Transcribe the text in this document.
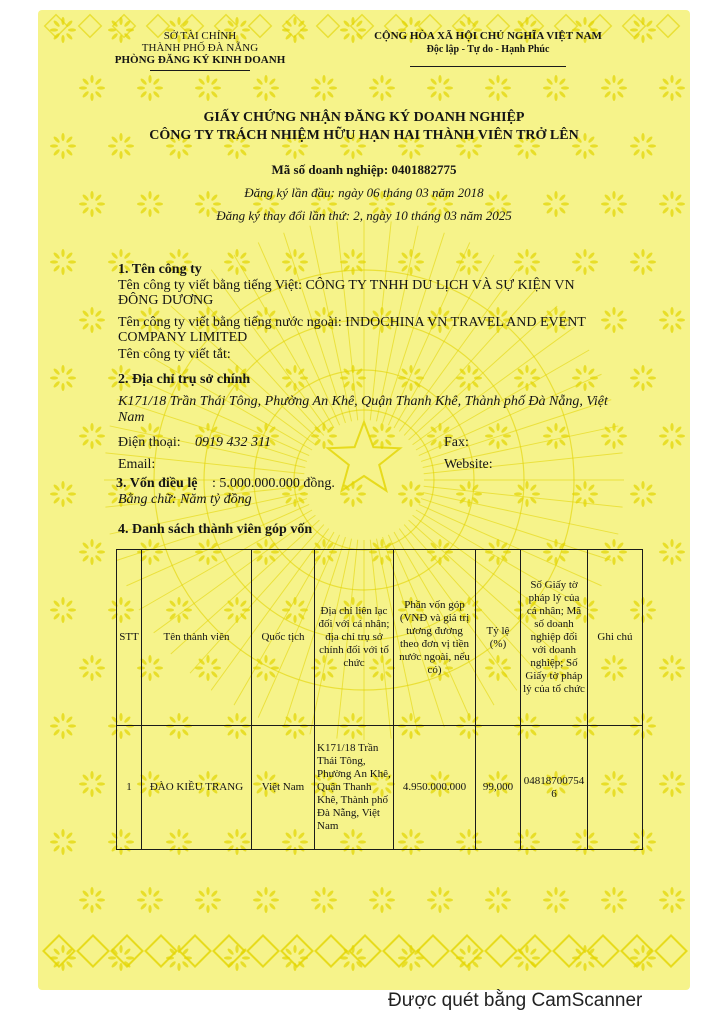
SỞ TÀI CHÍNH
THÀNH PHỐ ĐÀ NẴNG
PHÒNG ĐĂNG KÝ KINH DOANH
CỘNG HÒA XÃ HỘI CHỦ NGHĨA VIỆT NAM
Độc lập - Tự do - Hạnh Phúc
GIẤY CHỨNG NHẬN ĐĂNG KÝ DOANH NGHIỆP
CÔNG TY TRÁCH NHIỆM HỮU HẠN HAI THÀNH VIÊN TRỞ LÊN
Mã số doanh nghiệp: 0401882775
Đăng ký lần đầu: ngày 06 tháng 03 năm 2018
Đăng ký thay đổi lần thứ: 2, ngày 10 tháng 03 năm 2025
1. Tên công ty
Tên công ty viết bằng tiếng Việt: CÔNG TY TNHH DU LỊCH VÀ SỰ KIỆN VN
ĐÔNG DƯƠNG
Tên công ty viết bằng tiếng nước ngoài: INDOCHINA VN TRAVEL AND EVENT
COMPANY LIMITED
Tên công ty viết tắt:
2. Địa chỉ trụ sở chính
K171/18 Trần Thái Tông, Phường An Khê, Quận Thanh Khê, Thành phố Đà Nẵng, Việt
Nam
Điện thoại: 0919 432 311	Fax:
Email:	Website:
3. Vốn điều lệ : 5.000.000.000 đồng.
Bằng chữ: Năm tỷ đồng
4. Danh sách thành viên góp vốn
STT	Tên thành viên	Quốc tịch	Địa chỉ liên lạc đối với cá nhân; địa chỉ trụ sở chính đối với tổ chức	Phần vốn góp (VNĐ và giá trị tương đương theo đơn vị tiền nước ngoài, nếu có)	Tỷ lệ (%)	Số Giấy tờ pháp lý của cá nhân; Mã số doanh nghiệp đối với doanh nghiệp; Số Giấy tờ pháp lý của tổ chức	Ghi chú
1	ĐÀO KIỀU TRANG	Việt Nam	K171/18 Trần Thái Tông, Phường An Khê, Quận Thanh Khê, Thành phố Đà Nẵng, Việt Nam	4.950.000.000	99,000	048187007546	
Được quét bằng CamScanner
